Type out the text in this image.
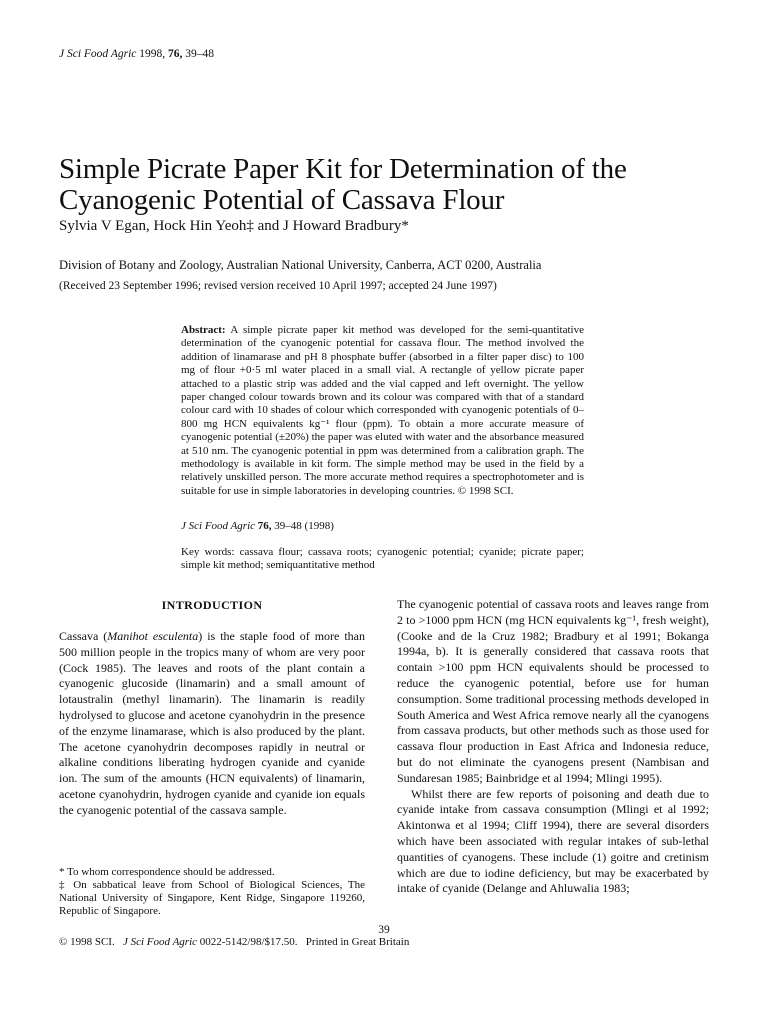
J Sci Food Agric 1998, 76, 39–48
Simple Picrate Paper Kit for Determination of the Cyanogenic Potential of Cassava Flour
Sylvia V Egan, Hock Hin Yeoh‡ and J Howard Bradbury*
Division of Botany and Zoology, Australian National University, Canberra, ACT 0200, Australia
(Received 23 September 1996; revised version received 10 April 1997; accepted 24 June 1997)
Abstract: A simple picrate paper kit method was developed for the semi-quantitative determination of the cyanogenic potential for cassava flour. The method involved the addition of linamarase and pH 8 phosphate buffer (absorbed in a filter paper disc) to 100 mg of flour +0·5 ml water placed in a small vial. A rectangle of yellow picrate paper attached to a plastic strip was added and the vial capped and left overnight. The yellow paper changed colour towards brown and its colour was compared with that of a standard colour card with 10 shades of colour which corresponded with cyanogenic potentials of 0–800 mg HCN equivalents kg⁻¹ flour (ppm). To obtain a more accurate measure of cyanogenic potential (±20%) the paper was eluted with water and the absorbance measured at 510 nm. The cyanogenic potential in ppm was determined from a calibration graph. The methodology is available in kit form. The simple method may be used in the field by a relatively unskilled person. The more accurate method requires a spectrophotometer and is suitable for use in simple laboratories in developing countries. © 1998 SCI.
J Sci Food Agric 76, 39–48 (1998)
Key words: cassava flour; cassava roots; cyanogenic potential; cyanide; picrate paper; simple kit method; semiquantitative method
INTRODUCTION
Cassava (Manihot esculenta) is the staple food of more than 500 million people in the tropics many of whom are very poor (Cock 1985). The leaves and roots of the plant contain a cyanogenic glucoside (linamarin) and a small amount of lotaustralin (methyl linamarin). The linamarin is readily hydrolysed to glucose and acetone cyanohydrin in the presence of the enzyme linamarase, which is also produced by the plant. The acetone cyanohydrin decomposes rapidly in neutral or alkaline conditions liberating hydrogen cyanide and cyanide ion. The sum of the amounts (HCN equivalents) of linamarin, acetone cyanohydrin, hydrogen cyanide and cyanide ion equals the cyanogenic potential of the cassava sample.

The cyanogenic potential of cassava roots and leaves range from 2 to >1000 ppm HCN (mg HCN equivalents kg⁻¹, fresh weight), (Cooke and de la Cruz 1982; Bradbury et al 1991; Bokanga 1994a, b). It is generally considered that cassava roots that contain >100 ppm HCN equivalents should be processed to reduce the cyanogenic potential, before use for human consumption. Some traditional processing methods developed in South America and West Africa remove nearly all the cyanogens from cassava products, but other methods such as those used for cassava flour production in East Africa and Indonesia reduce, but do not eliminate the cyanogens present (Nambisan and Sundaresan 1985; Bainbridge et al 1994; Mlingi 1995).

Whilst there are few reports of poisoning and death due to cyanide intake from cassava consumption (Mlingi et al 1992; Akintonwa et al 1994; Cliff 1994), there are several disorders which have been associated with regular intakes of sub-lethal quantities of cyanogens. These include (1) goitre and cretinism which are due to iodine deficiency, but may be exacerbated by intake of cyanide (Delange and Ahluwalia 1983;

* To whom correspondence should be addressed.
‡ On sabbatical leave from School of Biological Sciences, The National University of Singapore, Kent Ridge, Singapore 119260, Republic of Singapore.
39
© 1998 SCI. J Sci Food Agric 0022-5142/98/$17.50. Printed in Great Britain
